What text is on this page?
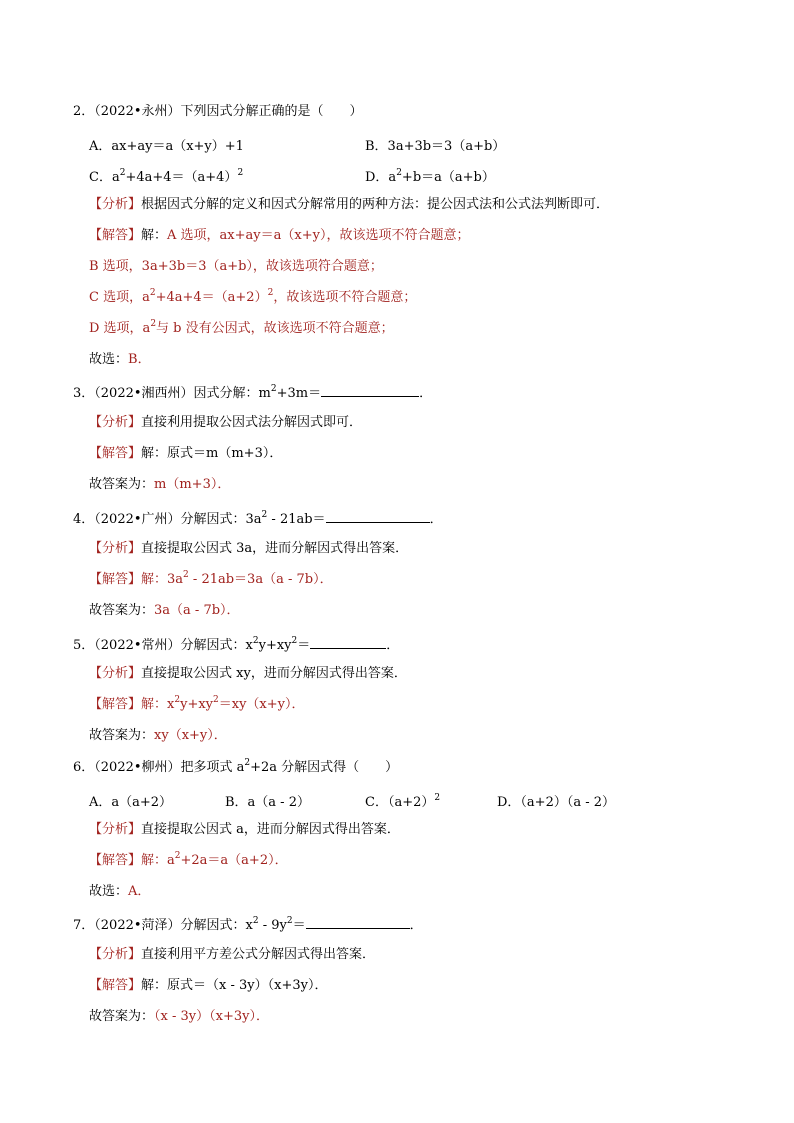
2．（2022•永州）下列因式分解正确的是（　　）
A．ax+ay＝a（x+y）+1	B．3a+3b＝3（a+b）
C．$a^2+4a+4=(a+4)^2$	D．$a^2+b=a(a+b)$
【分析】根据因式分解的定义和因式分解常用的两种方法：提公因式法和公式法判断即可．
【解答】解：A 选项，ax+ay＝a（x+y），故该选项不符合题意；
B 选项，3a+3b＝3（a+b），故该选项符合题意；
C 选项，$a^2+4a+4=(a+2)^2$，故该选项不符合题意；
D 选项，$a^2$与 b 没有公因式，故该选项不符合题意；
故选：B．
3．（2022•湘西州）因式分解：$m^2+3m=$	．
【分析】直接利用提取公因式法分解因式即可．
【解答】解：原式＝m（m+3）．
故答案为：m（m+3）．
4．（2022•广州）分解因式：$3a^2 - 21ab=$	．
【分析】直接提取公因式 3a，进而分解因式得出答案．
【解答】解：$3a^2 - 21ab=3a(a - 7b)$．
故答案为：3a（a - 7b）．
5．（2022•常州）分解因式：$x^2y+xy^2=$	．
【分析】直接提取公因式 xy，进而分解因式得出答案．
【解答】解：$x^2y+xy^2=xy(x+y)$．
故答案为：xy（x+y）．
6．（2022•柳州）把多项式 $a^2+2a$ 分解因式得（　　）
A．a（a+2）	B．a（a - 2）	C．$(a+2)^2$	D．（a+2）（a - 2）
【分析】直接提取公因式 a，进而分解因式得出答案．
【解答】解：$a^2+2a=a(a+2)$．
故选：A．
7．（2022•菏泽）分解因式：$x^2 - 9y^2=$	．
【分析】直接利用平方差公式分解因式得出答案．
【解答】解：原式＝（x - 3y）（x+3y）．
故答案为：（x - 3y）（x+3y）．
